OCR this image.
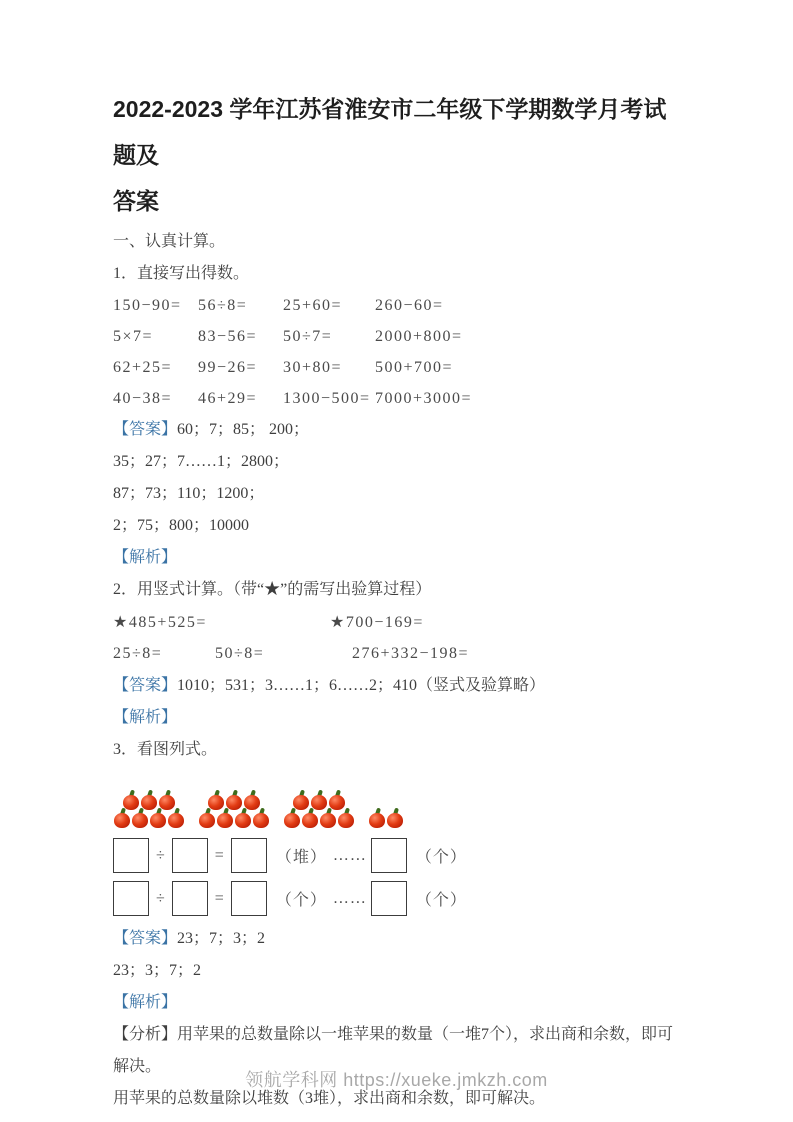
2022-2023 学年江苏省淮安市二年级下学期数学月考试题及
答案

一、认真计算。

1．直接写出得数。

150−90=	56÷8=	25+60=	260−60=
5×7=	83−56=	50÷7=	2000+800=
62+25=	99−26=	30+80=	500+700=
40−38=	46+29=	1300−500= 7000+3000=

【答案】60；7；85； 200；

35；27；7……1；2800；

87；73；110；1200；

2；75；800；10000

【解析】

2．用竖式计算。（带“★”的需写出验算过程）

★485+525=	★700−169=
25÷8=	50÷8=	276+332−198=

【答案】1010；531；3……1；6……2；410（竖式及验算略）

【解析】

3．看图列式。

÷	=	（堆） ……	（个）
÷	=	（个） ……	（个）

【答案】23；7；3；2

23；3；7；2

【解析】

【分析】用苹果的总数量除以一堆苹果的数量（一堆7个），求出商和余数，即可解决。

用苹果的总数量除以堆数（3堆），求出商和余数，即可解决。

领航学科网 https://xueke.jmkzh.com
